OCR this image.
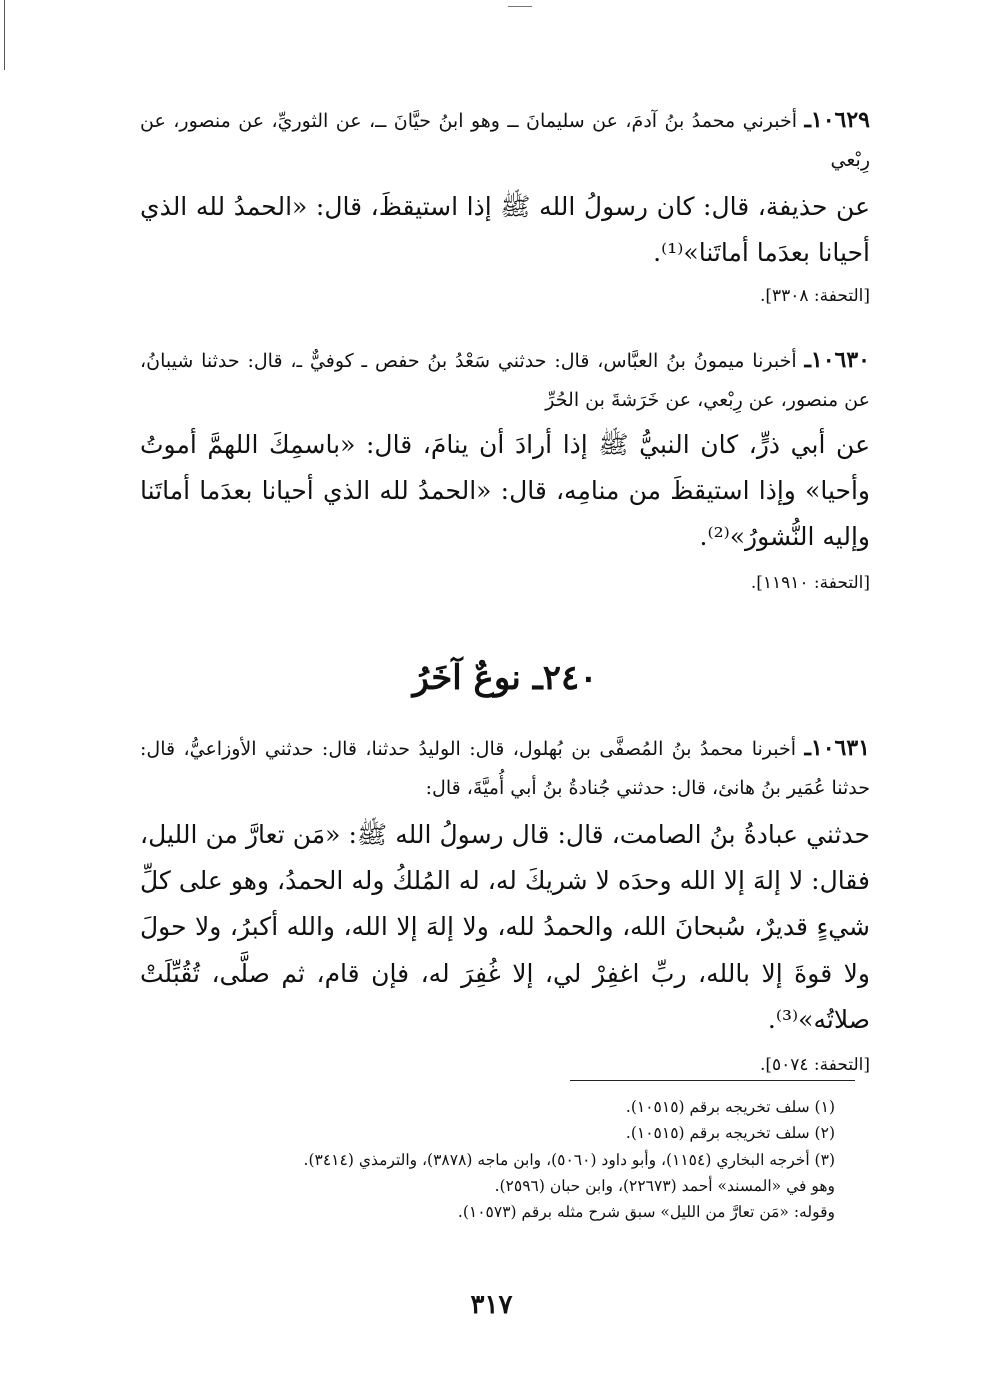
١٠٦٢٩ـ أخبرني محمدُ بنُ آدمَ، عن سليمانَ ــ وهو ابنُ حيَّانَ ــ، عن الثوريِّ، عن منصور، عن رِبْعي

عن حذيفة، قال: كان رسولُ الله ﷺ إذا استيقظَ، قال: «الحمدُ لله الذي أحيانا بعدَما أماتَنا»⁽¹⁾.

[التحفة: ٣٣٠٨].

١٠٦٣٠ـ أخبرنا ميمونُ بنُ العبَّاس، قال: حدثني سَعْدُ بنُ حفص ـ كوفيٌّ ـ، قال: حدثنا شيبانُ، عن منصور، عن رِبْعي، عن خَرَشةَ بن الحُرِّ

عن أبي ذرٍّ، كان النبيُّ ﷺ إذا أرادَ أن ينامَ، قال: «باسمِكَ اللهمَّ أموتُ وأحيا» وإذا استيقظَ من منامِه، قال: «الحمدُ لله الذي أحيانا بعدَما أماتَنا وإليه النُّشورُ»⁽²⁾.

[التحفة: ١١٩١٠].

٢٤٠ـ نوعٌ آخَرُ

١٠٦٣١ـ أخبرنا محمدُ بنُ المُصفَّى بن بُهلول، قال: الوليدُ حدثنا، قال: حدثني الأوزاعيُّ، قال: حدثنا عُمَير بنُ هانئ، قال: حدثني جُنادةُ بنُ أبي أُميَّةَ، قال:

حدثني عبادةُ بنُ الصامت، قال: قال رسولُ الله ﷺ: «مَن تعارَّ من الليل، فقال: لا إلهَ إلا الله وحدَه لا شريكَ له، له المُلكُ وله الحمدُ، وهو على كلِّ شيءٍ قديرٌ، سُبحانَ الله، والحمدُ لله، ولا إلهَ إلا الله، والله أكبرُ، ولا حولَ ولا قوةَ إلا بالله، ربِّ اغفِرْ لي، إلا غُفِرَ له، فإن قام، ثم صلَّى، تُقُبِّلَتْ صلاتُه»⁽³⁾.

[التحفة: ٥٠٧٤].

(١) سلف تخريجه برقم (١٠٥١٥).
(٢) سلف تخريجه برقم (١٠٥١٥).
(٣) أخرجه البخاري (١١٥٤)، وأبو داود (٥٠٦٠)، وابن ماجه (٣٨٧٨)، والترمذي (٣٤١٤).
وهو في «المسند» أحمد (٢٢٦٧٣)، وابن حبان (٢٥٩٦).
وقوله: «مَن تعارَّ من الليل» سبق شرح مثله برقم (١٠٥٧٣).
٣١٧
